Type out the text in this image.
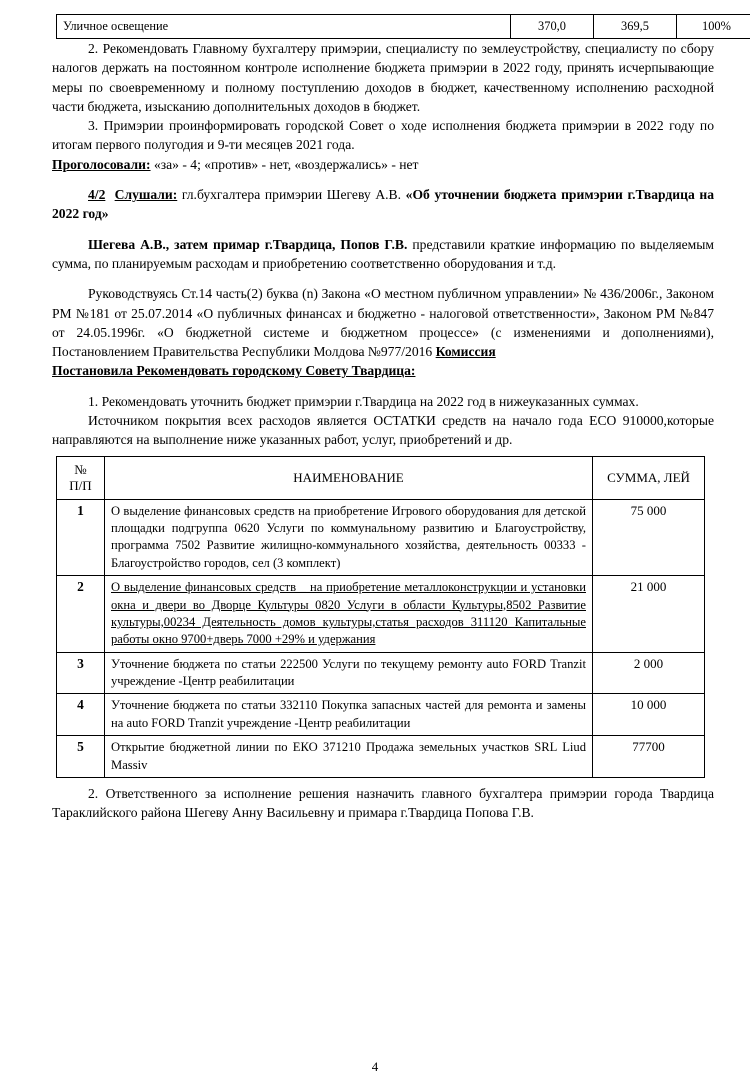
Уличное освещение	370,0	369,5	100%

2. Рекомендовать Главному бухгалтеру примэрии, специалисту по землеустройству, специалисту по сбору налогов держать на постоянном контроле исполнение бюджета примэрии в 2022 году, принять исчерпывающие меры по своевременному и полному поступлению доходов в бюджет, качественному исполнению расходной части бюджета, изысканию дополнительных доходов в бюджет.

3. Примэрии проинформировать городской Совет о ходе исполнения бюджета примэрии в 2022 году по итогам первого полугодия и 9-ти месяцев 2021 года.

Проголосовали: «за» - 4; «против» - нет, «воздержались» - нет

4/2 Слушали: гл.бухгалтера примэрии Шегеву А.В. «Об уточнении бюджета примэрии г.Твардица на 2022 год»

Шегева А.В., затем примар г.Твардица, Попов Г.В. представили краткие информацию по выделяемым сумма, по планируемым расходам и приобретению соответственно оборудования и т.д.

Руководствуясь Ст.14 часть(2) буква (n) Закона «О местном публичном управлении» № 436/2006г., Законом РМ №181 от 25.07.2014 «О публичных финансах и бюджетно - налоговой ответственности», Законом РМ №847 от 24.05.1996г. «О бюджетной системе и бюджетном процессе» (с изменениями и дополнениями), Постановлением Правительства Республики Молдова №977/2016 Комиссия

Постановила Рекомендовать городскому Совету Твардица:

1. Рекомендовать уточнить бюджет примэрии г.Твардица на 2022 год в нижеуказанных суммах.

Источником покрытия всех расходов является ОСТАТКИ средств на начало года ЕСО 910000,которые направляются на выполнение ниже указанных работ, услуг, приобретений и др.

№
П/П	НАИМЕНОВАНИЕ	СУММА, ЛЕЙ
1	О выделение финансовых средств на приобретение Игрового оборудования для детской площадки подгруппа 0620 Услуги по коммунальному развитию и Благоустройству, программа 7502 Развитие жилищно-коммунального хозяйства, деятельность 00333 - Благоустройство городов, сел (3 комплект)	75 000
2	О выделение финансовых средств _ на приобретение металлоконструкции и установки окна и двери во Дворце Культуры 0820 Услуги в области Культуры,8502 Развитие культуры,00234 Деятельность домов культуры,статья расходов 311120 Капитальные работы окно 9700+дверь 7000 +29% и удержания	21 000
3	Уточнение бюджета по статьи 222500 Услуги по текущему ремонту auto FORD Tranzit учреждение -Центр реабилитации	2 000
4	Уточнение бюджета по статьи 332110 Покупка запасных частей для ремонта и замены на auto FORD Tranzit учреждение -Центр реабилитации	10 000
5	Открытие бюджетной линии по ЕКО 371210 Продажа земельных участков SRL Liud Massiv	77700

2. Ответственного за исполнение решения назначить главного бухгалтера примэрии города Твардица Тараклийского района Шегеву Анну Васильевну и примара г.Твардица Попова Г.В.

4
